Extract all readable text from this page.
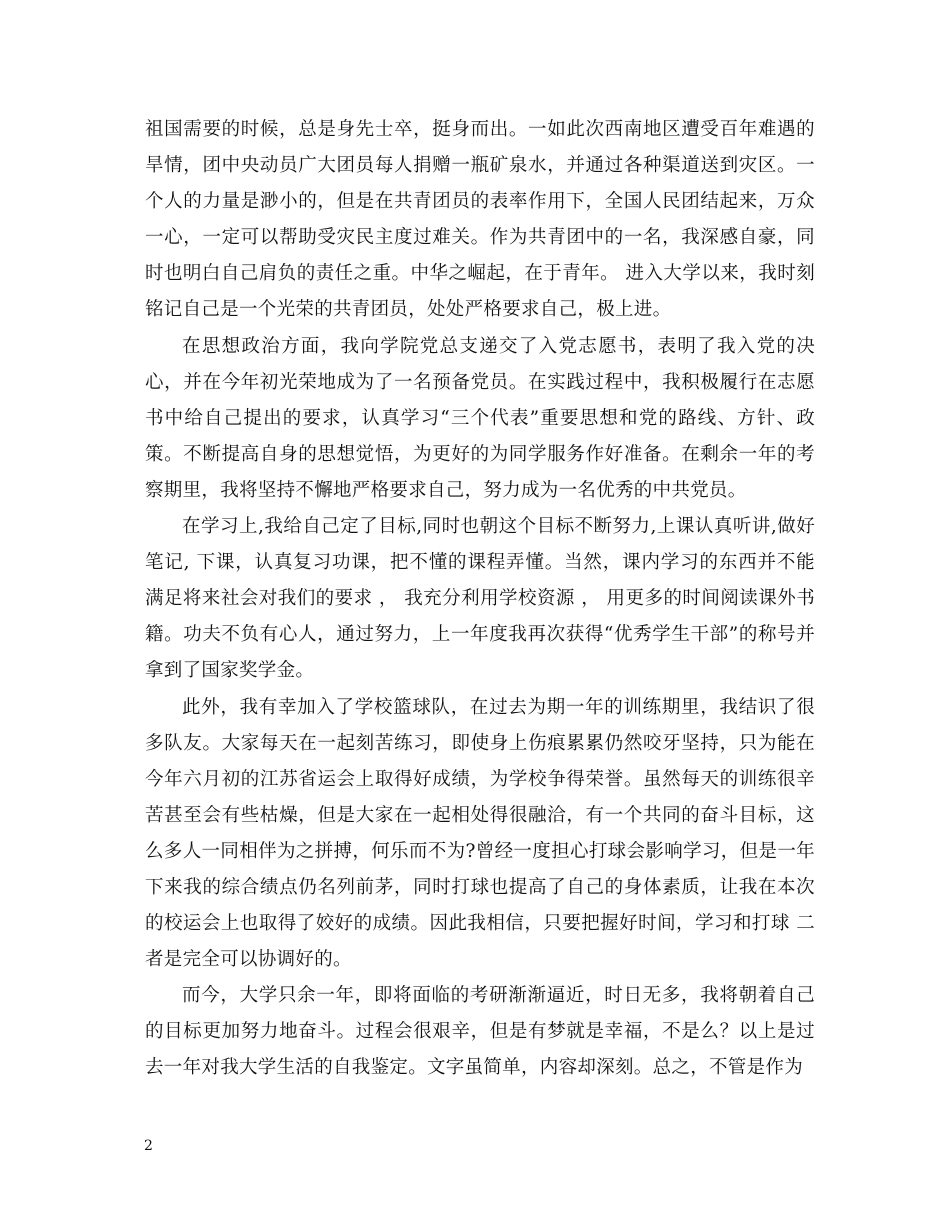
祖国需要的时候，总是身先士卒，挺身而出。一如此次西南地区遭受百年难遇的旱情，团中央动员广大团员每人捐赠一瓶矿泉水，并通过各种渠道送到灾区。一个人的力量是渺小的，但是在共青团员的表率作用下，全国人民团结起来，万众一心，一定可以帮助受灾民主度过难关。作为共青团中的一名，我深感自豪，同时也明白自己肩负的责任之重。中华之崛起，在于青年。 进入大学以来，我时刻铭记自己是一个光荣的共青团员，处处严格要求自己，极上进。

在思想政治方面，我向学院党总支递交了入党志愿书，表明了我入党的决心，并在今年初光荣地成为了一名预备党员。在实践过程中，我积极履行在志愿书中给自己提出的要求，认真学习“三个代表”重要思想和党的路线、方针、政策。不断提高自身的思想觉悟，为更好的为同学服务作好准备。在剩余一年的考察期里，我将坚持不懈地严格要求自己，努力成为一名优秀的中共党员。

在学习上,我给自己定了目标,同时也朝这个目标不断努力,上课认真听讲,做好笔记, 下课，认真复习功课，把不懂的课程弄懂。当然，课内学习的东西并不能满足将来社会对我们的要求 ， 我充分利用学校资源 ， 用更多的时间阅读课外书籍。功夫不负有心人，通过努力，上一年度我再次获得“优秀学生干部”的称号并拿到了国家奖学金。

此外，我有幸加入了学校篮球队，在过去为期一年的训练期里，我结识了很多队友。大家每天在一起刻苦练习，即使身上伤痕累累仍然咬牙坚持，只为能在今年六月初的江苏省运会上取得好成绩，为学校争得荣誉。虽然每天的训练很辛苦甚至会有些枯燥，但是大家在一起相处得很融洽，有一个共同的奋斗目标，这么多人一同相伴为之拼搏，何乐而不为?曾经一度担心打球会影响学习，但是一年下来我的综合绩点仍名列前茅，同时打球也提高了自己的身体素质，让我在本次的校运会上也取得了姣好的成绩。因此我相信，只要把握好时间，学习和打球 二者是完全可以协调好的。

而今，大学只余一年，即将面临的考研渐渐逼近，时日无多，我将朝着自己的目标更加努力地奋斗。过程会很艰辛，但是有梦就是幸福，不是么？以上是过去一年对我大学生活的自我鉴定。文字虽简单，内容却深刻。总之，不管是作为

2
